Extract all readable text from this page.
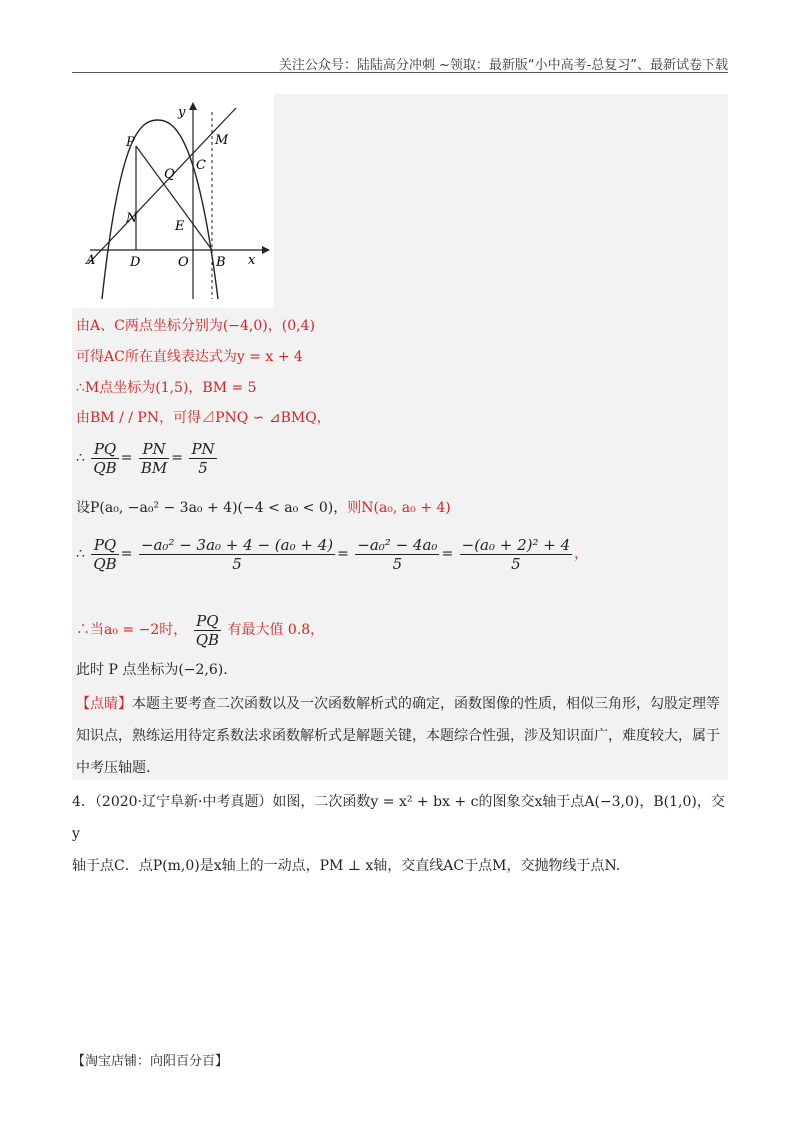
关注公众号：陆陆高分冲刺 ~领取：最新版“小中高考-总复习”、最新试卷下载
y
x
P	M
C
Q
N
E
A	D	O B
由A、C两点坐标分别为(−4,0)，(0,4)
可得AC所在直线表达式为y = x + 4
∴M点坐标为(1,5)，BM = 5
由BM / / PN，可得⊿PNQ ∽ ⊿BMQ，
∴ $\frac{PQ}{QB} = \frac{PN}{BM} = \frac{PN}{5}$
设P(a₀, −a₀² − 3a₀ + 4)(−4 < a₀ < 0)，则N(a₀, a₀ + 4)
∴ $\frac{PQ}{QB} = \frac{\text{−a₀² − 3a₀ + 4 − (a₀ + 4)}}{5} = \frac{\text{−a₀² − 4a₀}}{5} = \frac{\text{−(a₀ + 2)² + 4}}{5}$ ，
∴当a₀ = −2时， $\frac{PQ}{QB}$ 有最大值 0.8，
此时 P 点坐标为(−2,6).
【点睛】本题主要考查二次函数以及一次函数解析式的确定，函数图像的性质，相似三角形，勾股定理等
知识点，熟练运用待定系数法求函数解析式是解题关键，本题综合性强，涉及知识面广，难度较大，属于
中考压轴题.
4．（2020·辽宁阜新·中考真题）如图，二次函数y = x² + bx + c的图象交x轴于点A(−3,0)，B(1,0)，交y
轴于点C．点P(m,0)是x轴上的一动点，PM ⊥ x轴，交直线AC于点M，交抛物线于点N.
【淘宝店铺：向阳百分百】
